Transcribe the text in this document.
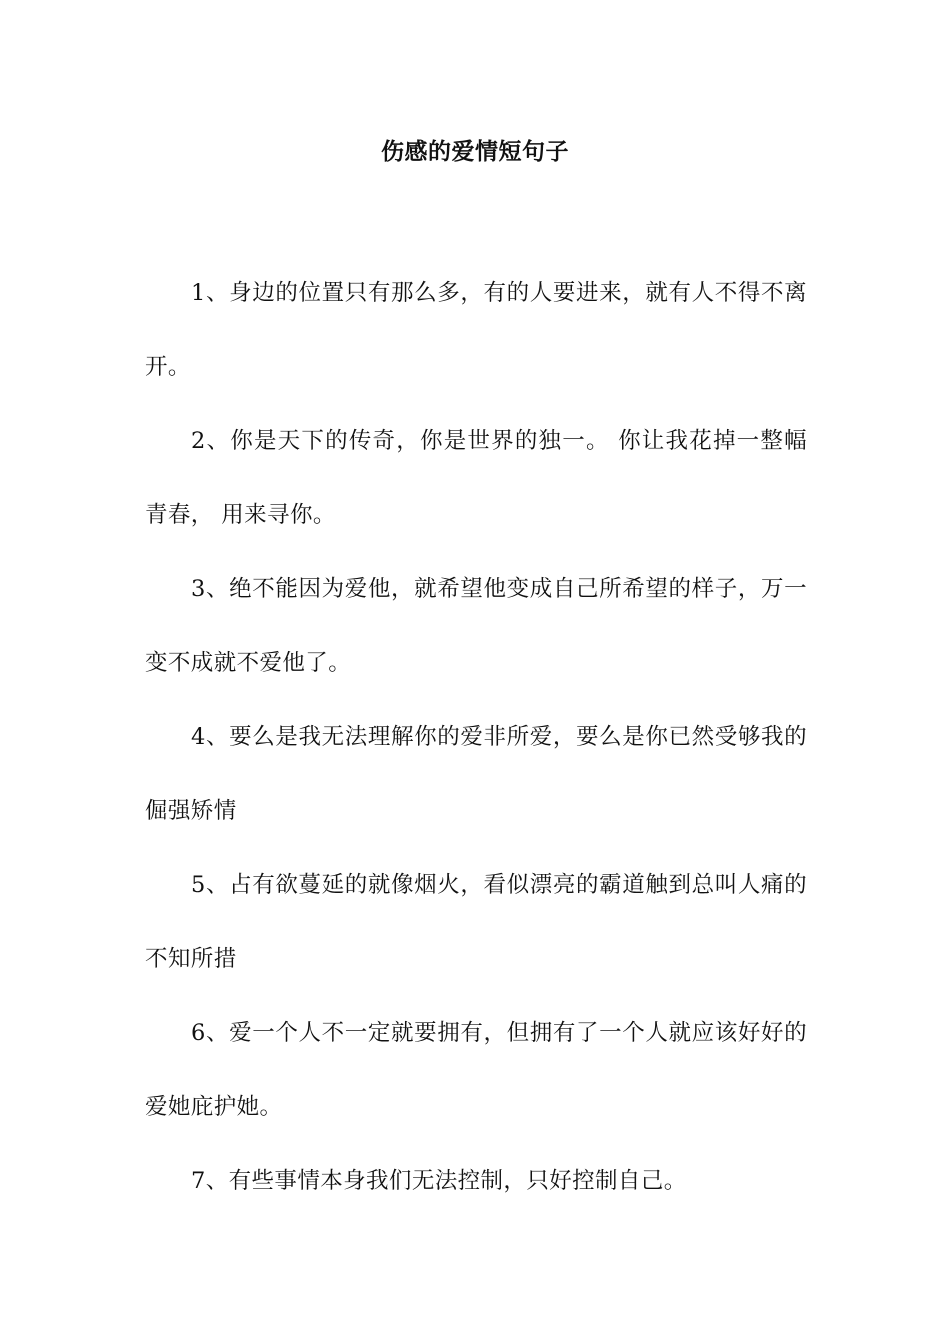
伤感的爱情短句子

1、身边的位置只有那么多，有的人要进来，就有人不得不离开。

2、你是天下的传奇，你是世界的独一。 你让我花掉一整幅青春， 用来寻你。

3、绝不能因为爱他，就希望他变成自己所希望的样子，万一变不成就不爱他了。

4、要么是我无法理解你的爱非所爱，要么是你已然受够我的倔强矫情

5、占有欲蔓延的就像烟火，看似漂亮的霸道触到总叫人痛的不知所措

6、爱一个人不一定就要拥有，但拥有了一个人就应该好好的爱她庇护她。

7、有些事情本身我们无法控制，只好控制自己。
